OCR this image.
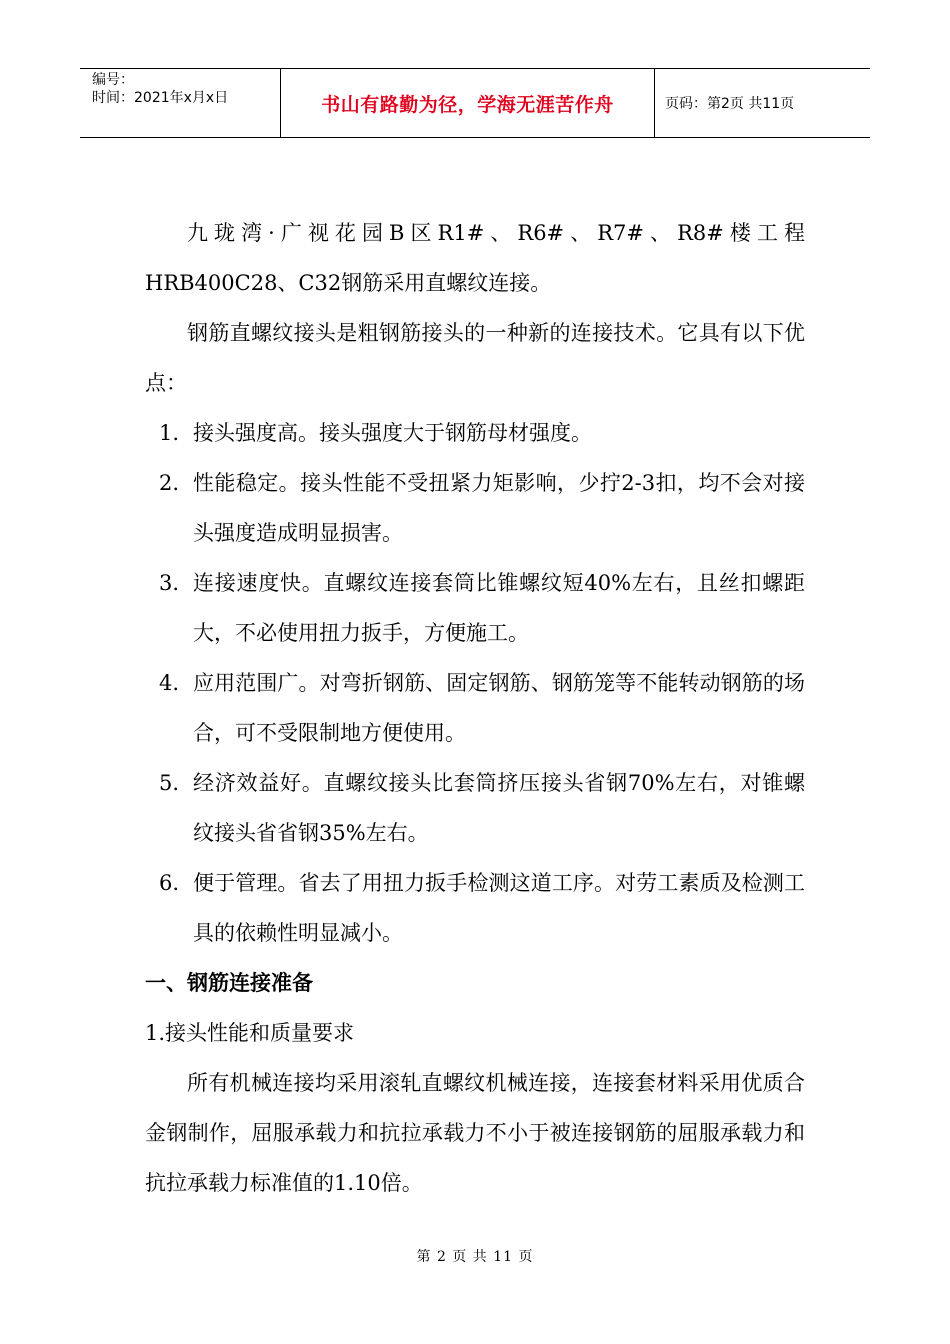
编号：
时间：2021年x月x日	书山有路勤为径，学海无涯苦作舟	页码：第2页 共11页

九珑湾·广视花园B区R1#、R6#、R7#、R8#楼工程HRB400C28、C32钢筋采用直螺纹连接。

钢筋直螺纹接头是粗钢筋接头的一种新的连接技术。它具有以下优点：

1. 接头强度高。接头强度大于钢筋母材强度。
2. 性能稳定。接头性能不受扭紧力矩影响，少拧2-3扣，均不会对接头强度造成明显损害。
3. 连接速度快。直螺纹连接套筒比锥螺纹短40%左右，且丝扣螺距大，不必使用扭力扳手，方便施工。
4. 应用范围广。对弯折钢筋、固定钢筋、钢筋笼等不能转动钢筋的场合，可不受限制地方便使用。
5. 经济效益好。直螺纹接头比套筒挤压接头省钢70%左右，对锥螺纹接头省省钢35%左右。
6. 便于管理。省去了用扭力扳手检测这道工序。对劳工素质及检测工具的依赖性明显减小。
一、钢筋连接准备

1.接头性能和质量要求

所有机械连接均采用滚轧直螺纹机械连接，连接套材料采用优质合金钢制作，屈服承载力和抗拉承载力不小于被连接钢筋的屈服承载力和抗拉承载力标准值的1.10倍。

第 2 页 共 11 页
